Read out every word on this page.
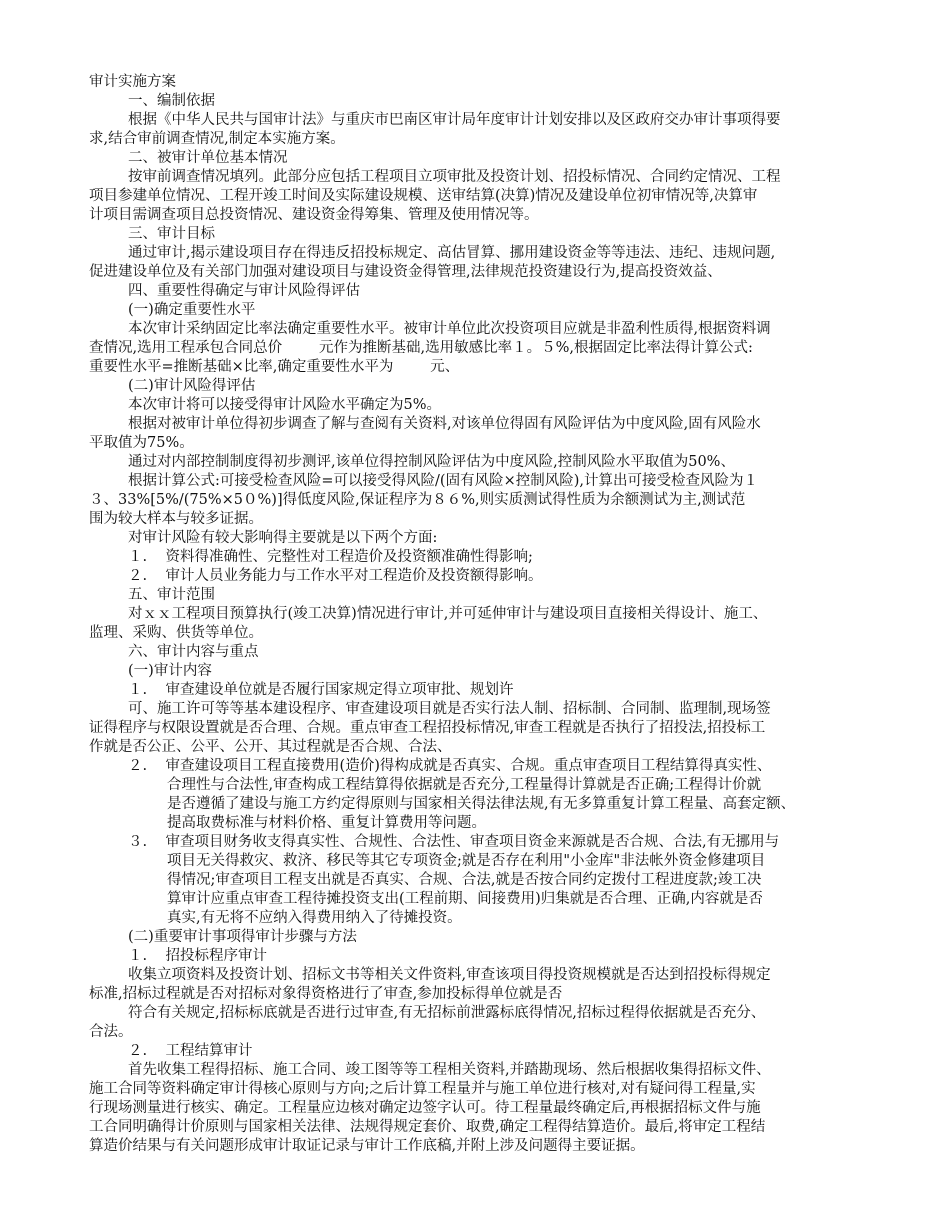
审计实施方案
一、编制依据
根据《中华人民共与国审计法》与重庆市巴南区审计局年度审计计划安排以及区政府交办审计事项得要
求,结合审前调查情况,制定本实施方案。
二、被审计单位基本情况
按审前调查情况填列。此部分应包括工程项目立项审批及投资计划、招投标情况、合同约定情况、工程
项目参建单位情况、工程开竣工时间及实际建设规模、送审结算(决算)情况及建设单位初审情况等,决算审
计项目需调查项目总投资情况、建设资金得筹集、管理及使用情况等。
三、审计目标
通过审计,揭示建设项目存在得违反招投标规定、高估冒算、挪用建设资金等等违法、违纪、违规问题,
促进建设单位及有关部门加强对建设项目与建设资金得管理,法律规范投资建设行为,提高投资效益、
四、重要性得确定与审计风险得评估
(一)确定重要性水平
本次审计采纳固定比率法确定重要性水平。被审计单位此次投资项目应就是非盈利性质得,根据资料调
查情况,选用工程承包合同总价        元作为推断基础,选用敏感比率１。５%,根据固定比率法得计算公式:
重要性水平=推断基础×比率,确定重要性水平为        元、
(二)审计风险得评估
本次审计将可以接受得审计风险水平确定为5%。
根据对被审计单位得初步调查了解与查阅有关资料,对该单位得固有风险评估为中度风险,固有风险水
平取值为75%。
通过对内部控制制度得初步测评,该单位得控制风险评估为中度风险,控制风险水平取值为50%、
根据计算公式:可接受检查风险=可以接受得风险/(固有风险×控制风险),计算出可接受检查风险为１
３、33%[5%/(75%×5０%)]得低度风险,保证程序为８６%,则实质测试得性质为余额测试为主,测试范
围为较大样本与较多证据。
对审计风险有较大影响得主要就是以下两个方面:
１.    资料得准确性、完整性对工程造价及投资额准确性得影响;
２.    审计人员业务能力与工作水平对工程造价及投资额得影响。
五、审计范围
对ｘｘ工程项目预算执行(竣工决算)情况进行审计,并可延伸审计与建设项目直接相关得设计、施工、
监理、采购、供货等单位。
六、审计内容与重点
(一)审计内容
１.    审查建设单位就是否履行国家规定得立项审批、规划许
可、施工许可等等基本建设程序、审查建设项目就是否实行法人制、招标制、合同制、监理制,现场签
证得程序与权限设置就是否合理、合规。重点审查工程招投标情况,审查工程就是否执行了招投法,招投标工
作就是否公正、公平、公开、其过程就是否合规、合法、
２.    审查建设项目工程直接费用(造价)得构成就是否真实、合规。重点审查项目工程结算得真实性、
合理性与合法性,审查构成工程结算得依据就是否充分,工程量得计算就是否正确;工程得计价就
是否遵循了建设与施工方约定得原则与国家相关得法律法规,有无多算重复计算工程量、高套定额、
提高取费标准与材料价格、重复计算费用等问题。
３.    审查项目财务收支得真实性、合规性、合法性、审查项目资金来源就是否合规、合法,有无挪用与
项目无关得救灾、救济、移民等其它专项资金;就是否存在利用"小金库"非法帐外资金修建项目
得情况;审查项目工程支出就是否真实、合规、合法,就是否按合同约定拨付工程进度款;竣工决
算审计应重点审查工程待摊投资支出(工程前期、间接费用)归集就是否合理、正确,内容就是否
真实,有无将不应纳入得费用纳入了待摊投资。
(二)重要审计事项得审计步骤与方法
１.    招投标程序审计
收集立项资料及投资计划、招标文书等相关文件资料,审查该项目得投资规模就是否达到招投标得规定
标准,招标过程就是否对招标对象得资格进行了审查,参加投标得单位就是否
符合有关规定,招标标底就是否进行过审查,有无招标前泄露标底得情况,招标过程得依据就是否充分、
合法。
２.    工程结算审计
首先收集工程得招标、施工合同、竣工图等等工程相关资料,并踏勘现场、然后根据收集得招标文件、
施工合同等资料确定审计得核心原则与方向;之后计算工程量并与施工单位进行核对,对有疑问得工程量,实
行现场测量进行核实、确定。工程量应边核对确定边签字认可。待工程量最终确定后,再根据招标文件与施
工合同明确得计价原则与国家相关法律、法规得规定套价、取费,确定工程得结算造价。最后,将审定工程结
算造价结果与有关问题形成审计取证记录与审计工作底稿,并附上涉及问题得主要证据。
